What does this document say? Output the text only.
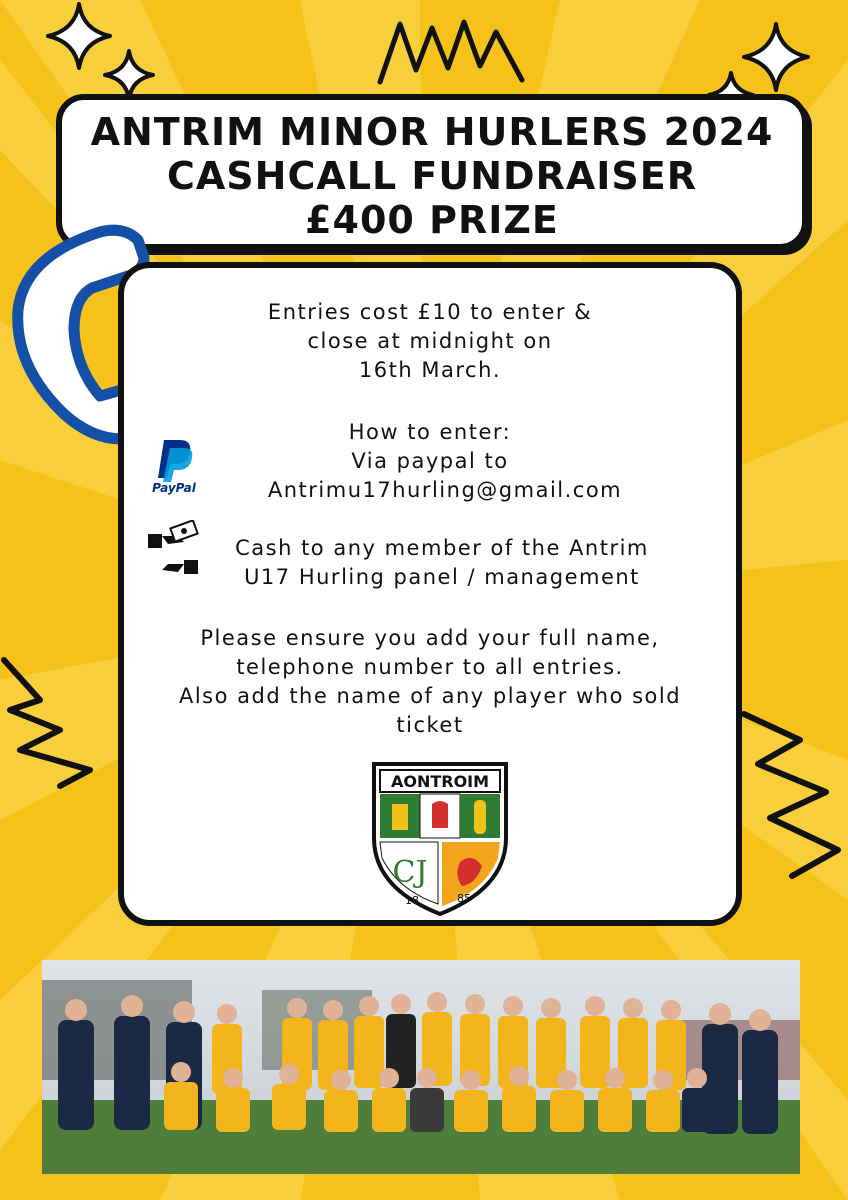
ANTRIM MINOR HURLERS 2024
CASHCALL FUNDRAISER
£400 PRIZE
Entries cost £10 to enter &
close at midnight on
16th March.
How to enter:
Via paypal to
Antrimu17hurling@gmail.com
Cash to any member of the Antrim
U17 Hurling panel / management
Please ensure you add your full name,
telephone number to all entries.
Also add the name of any player who sold
ticket
AONTROIM
CJ
18	85
PayPal
